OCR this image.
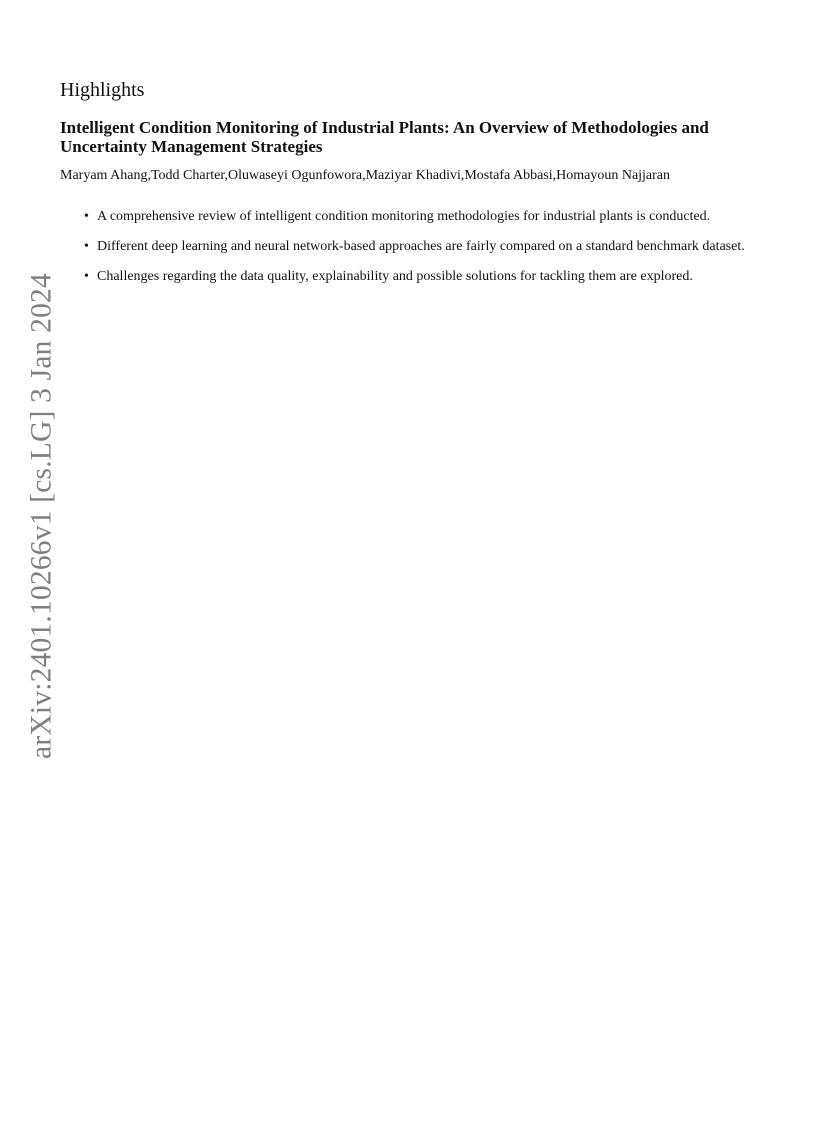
arXiv:2401.10266v1 [cs.LG] 3 Jan 2024
Highlights
Intelligent Condition Monitoring of Industrial Plants: An Overview of Methodologies and Uncertainty Management Strategies

Maryam Ahang,Todd Charter,Oluwaseyi Ogunfowora,Maziyar Khadivi,Mostafa Abbasi,Homayoun Najjaran

• A comprehensive review of intelligent condition monitoring methodologies for industrial plants is conducted.
• Different deep learning and neural network-based approaches are fairly compared on a standard benchmark dataset.
• Challenges regarding the data quality, explainability and possible solutions for tackling them are explored.
